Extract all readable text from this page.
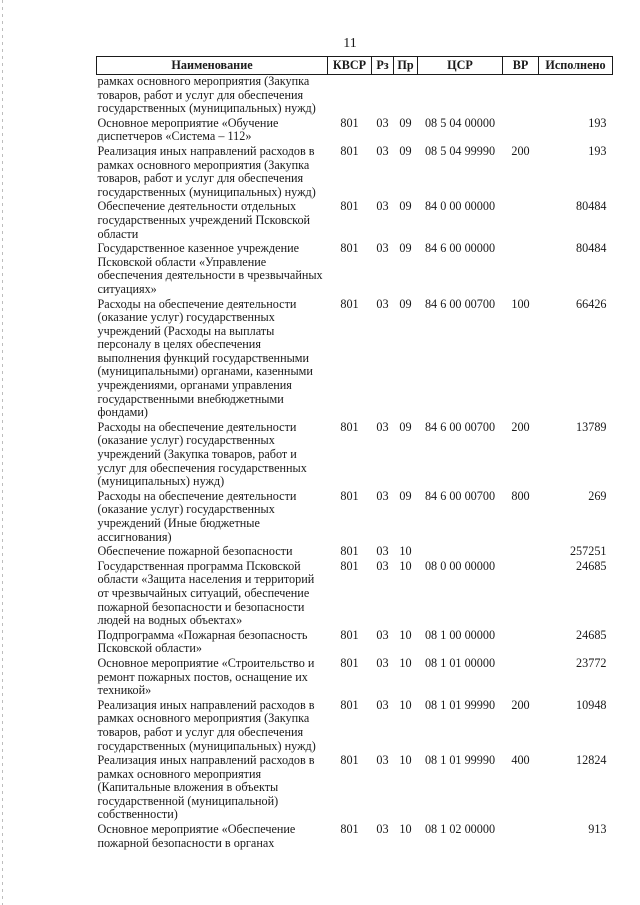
11
Наименование	КВСР	Рз	Пр	ЦСР	ВР	Исполнено
рамках основного мероприятия (Закупка товаров, работ и услуг для обеспечения государственных (муниципальных) нужд)						
Основное мероприятие «Обучение диспетчеров «Система – 112»	801	03	09	08 5 04 00000		193
Реализация иных направлений расходов в рамках основного мероприятия (Закупка товаров, работ и услуг для обеспечения государственных (муниципальных) нужд)	801	03	09	08 5 04 99990	200	193
Обеспечение деятельности отдельных государственных учреждений Псковской области	801	03	09	84 0 00 00000		80484
Государственное казенное учреждение Псковской области «Управление обеспечения деятельности в чрезвычайных ситуациях»	801	03	09	84 6 00 00000		80484
Расходы на обеспечение деятельности (оказание услуг) государственных учреждений (Расходы на выплаты персоналу в целях обеспечения выполнения функций государственными (муниципальными) органами, казенными учреждениями, органами управления государственными внебюджетными фондами)	801	03	09	84 6 00 00700	100	66426
Расходы на обеспечение деятельности (оказание услуг) государственных учреждений (Закупка товаров, работ и услуг для обеспечения государственных (муниципальных) нужд)	801	03	09	84 6 00 00700	200	13789
Расходы на обеспечение деятельности (оказание услуг) государственных учреждений (Иные бюджетные ассигнования)	801	03	09	84 6 00 00700	800	269
Обеспечение пожарной безопасности	801	03	10			257251
Государственная программа Псковской области «Защита населения и территорий от чрезвычайных ситуаций, обеспечение пожарной безопасности и безопасности людей на водных объектах»	801	03	10	08 0 00 00000		24685
Подпрограмма «Пожарная безопасность Псковской области»	801	03	10	08 1 00 00000		24685
Основное мероприятие «Строительство и ремонт пожарных постов, оснащение их техникой»	801	03	10	08 1 01 00000		23772
Реализация иных направлений расходов в рамках основного мероприятия (Закупка товаров, работ и услуг для обеспечения государственных (муниципальных) нужд)	801	03	10	08 1 01 99990	200	10948
Реализация иных направлений расходов в рамках основного мероприятия (Капитальные вложения в объекты государственной (муниципальной) собственности)	801	03	10	08 1 01 99990	400	12824
Основное мероприятие «Обеспечение пожарной безопасности в органах	801	03	10	08 1 02 00000		913
